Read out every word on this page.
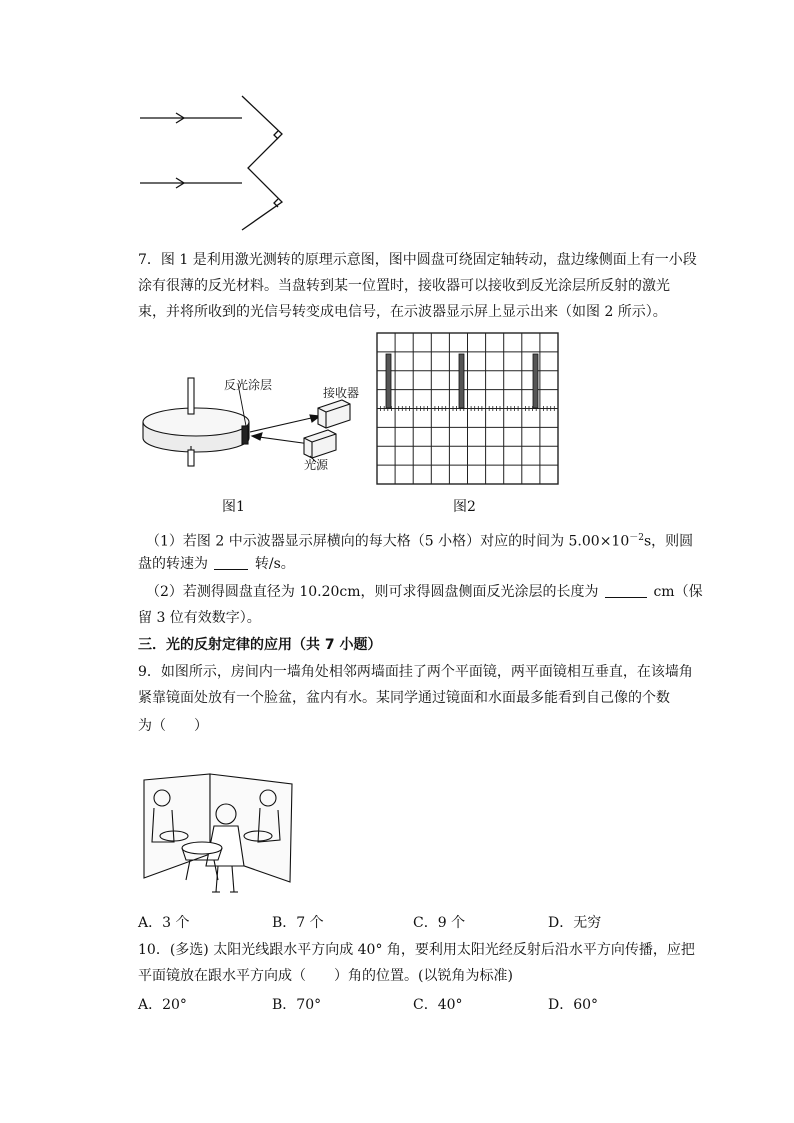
7．图 1 是利用激光测转的原理示意图，图中圆盘可绕固定轴转动，盘边缘侧面上有一小段
涂有很薄的反光材料。当盘转到某一位置时，接收器可以接收到反光涂层所反射的激光
束，并将所收到的光信号转变成电信号，在示波器显示屏上显示出来（如图 2 所示）。
反光涂层
接收器
光源
图1	图2
（1）若图 2 中示波器显示屏横向的每大格（5 小格）对应的时间为 $5.00\times 10^{-2}s$，则圆
盘的转速为	转/s。
（2）若测得圆盘直径为 10.20cm，则可求得圆盘侧面反光涂层的长度为	cm（保
留 3 位有效数字）。
三．光的反射定律的应用（共 7 小题）
9．如图所示，房间内一墙角处相邻两墙面挂了两个平面镜，两平面镜相互垂直，在该墙角
紧靠镜面处放有一个脸盆，盆内有水。某同学通过镜面和水面最多能看到自己像的个数
为（　　）
A．3 个	B．7 个	C．9 个	D．无穷
10．(多选) 太阳光线跟水平方向成 40° 角，要利用太阳光经反射后沿水平方向传播，应把
平面镜放在跟水平方向成（　　）角的位置。(以锐角为标准)
A．20°	B．70°	C．40°	D．60°
